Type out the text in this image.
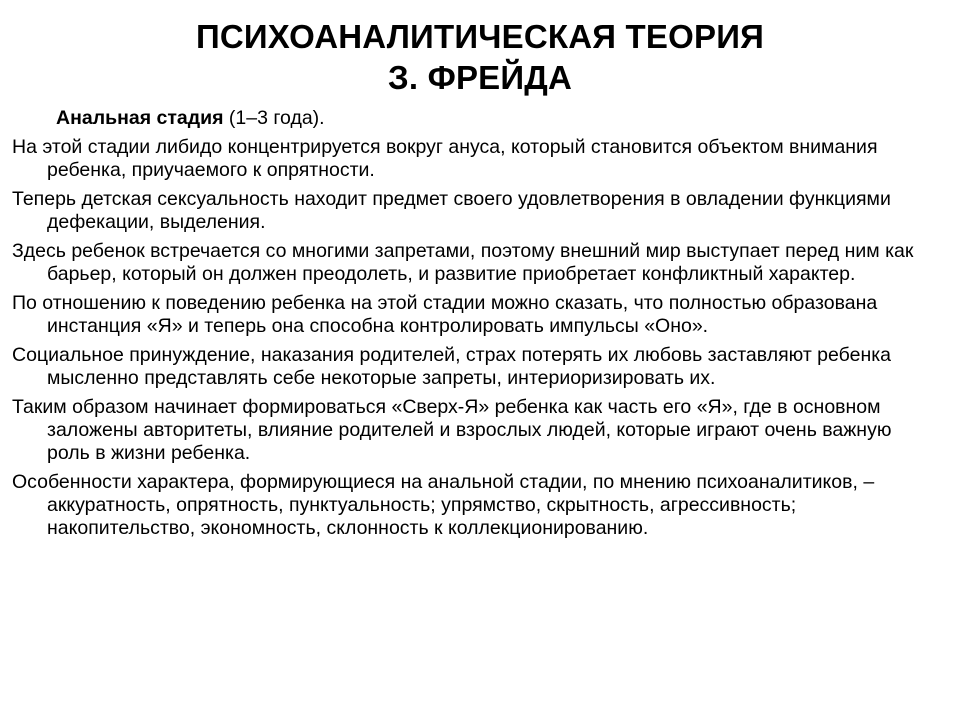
ПСИХОАНАЛИТИЧЕСКАЯ ТЕОРИЯ
З. ФРЕЙДА
Анальная стадия (1–3 года).

На этой стадии либидо концентрируется вокруг ануса, который становится объектом внимания ребенка, приучаемого к опрятности.

Теперь детская сексуальность находит предмет своего удовлетворения в овладении функциями дефекации, выделения.

Здесь ребенок встречается со многими запретами, поэтому внешний мир выступает перед ним как барьер, который он должен преодолеть, и развитие приобретает конфликтный характер.

По отношению к поведению ребенка на этой стадии можно сказать, что полностью образована инстанция «Я» и теперь она способна контролировать импульсы «Оно».

Социальное принуждение, наказания родителей, страх потерять их любовь заставляют ребенка мысленно представлять себе некоторые запреты, интериоризировать их.

Таким образом начинает формироваться «Сверх-Я» ребенка как часть его «Я», где в основном заложены авторитеты, влияние родителей и взрослых людей, которые играют очень важную роль в жизни ребенка.

Особенности характера, формирующиеся на анальной стадии, по мнению психоаналитиков, – аккуратность, опрятность, пунктуальность; упрямство, скрытность, агрессивность; накопительство, экономность, склонность к коллекционированию.
